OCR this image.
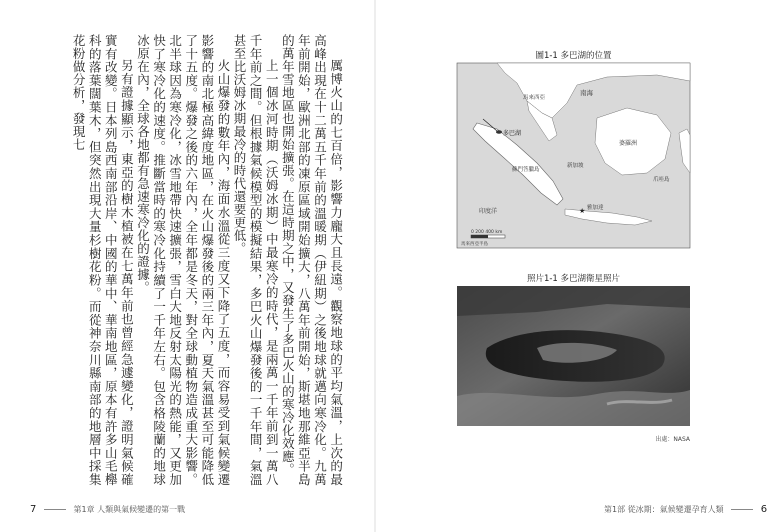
厲博火山的七百倍，影響力龐大且長遠。觀察地球的平均氣溫，上次的最高峰出現在十二萬五千年前的溫暖期（伊紐期）之後地球就邁向寒冷化。九萬年前開始，歐洲北部的凍原區域開始擴大，八萬年前開始，斯堪地那維亞半島的萬年雪地區也開始擴張。在這時期之中，又發生了多巴火山的寒冷化效應。

上一個冰河時期（沃姆冰期）中最寒冷的時代，是兩萬一千年前到一萬八千年前之間。但根據氣候模型的模擬結果，多巴火山爆發後的一千年間，氣溫甚至比沃姆冰期最冷的時代還要更低。

火山爆發的數年內，海面水溫從三度又下降了五度，而容易受到氣候變遷影響的南北極高緯度地區，在火山爆發後的兩三年內，夏天氣溫甚至可能降低了十五度。爆發之後的六年內，全年都是冬天，對全球動植物造成重大影響。北半球因為寒冷化，冰雪地帶快速擴張，雪白大地反射太陽光的熱能，又更加快了寒冷化的速度。推斷當時的寒冷化持續了一千年左右。包含格陵蘭的地球冰原在內，全球各地都有急速寒冷化的證據。

另有證據顯示，東亞的樹木植被在七萬年前也曾經急遽變化，證明氣候確實有改變。日本列島西南部沿岸、中國的華中、華南地區，原本有許多山毛櫸科的落葉闊葉木，但突然出現大量杉樹花粉。而從神奈川縣南部的地層中採集花粉做分析，發現七

7	第1章 人類與氣候變遷的第一戰
圖1-1 多巴湖的位置
★
南海
馬來西亞
多巴湖
蘇門答臘島
婆羅洲
爪哇島
新加坡
印度洋	雅加達
0 200 400 km
馬來西亞半島
照片1-1 多巴湖衛星照片
出處：NASA
第1部 從冰期：氣候變遷孕育人類	6
